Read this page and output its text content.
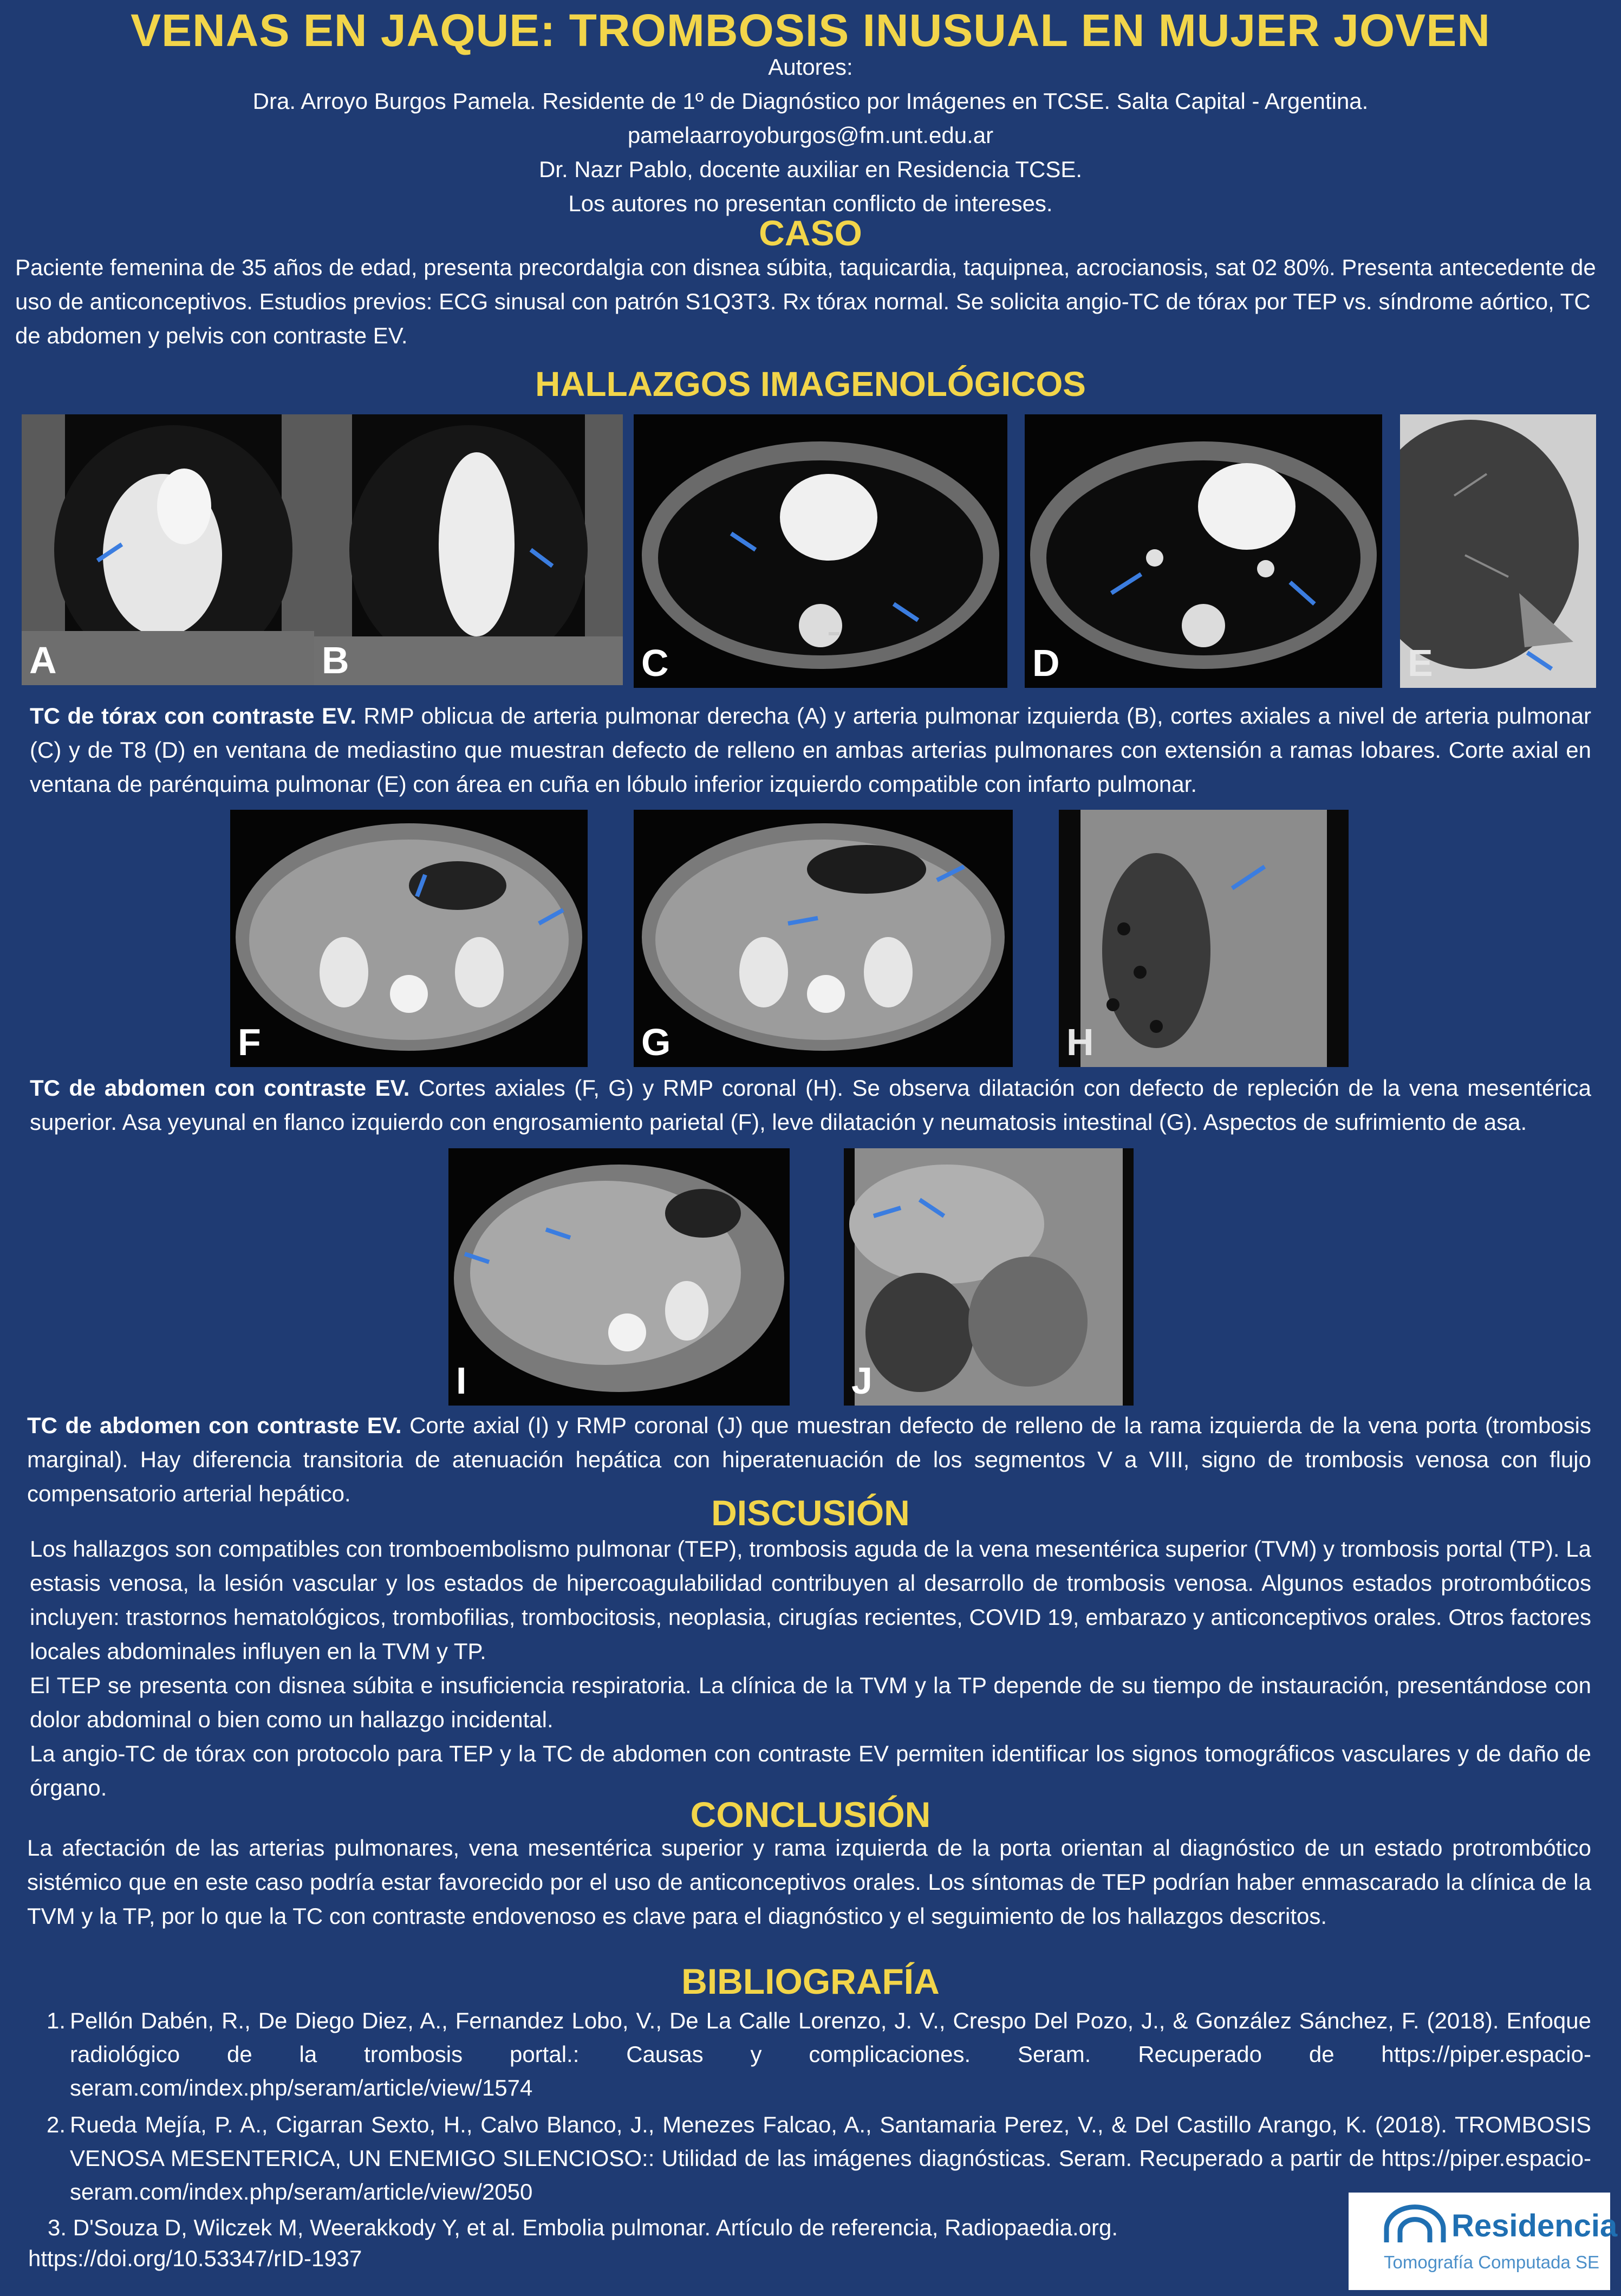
VENAS EN JAQUE: TROMBOSIS INUSUAL EN MUJER JOVEN
Autores:
Dra. Arroyo Burgos Pamela. Residente de 1º de Diagnóstico por Imágenes en TCSE. Salta Capital - Argentina.
pamelaarroyoburgos@fm.unt.edu.ar
Dr. Nazr Pablo, docente auxiliar en Residencia TCSE.
Los autores no presentan conflicto de intereses.
CASO
Paciente femenina de 35 años de edad, presenta precordalgia con disnea súbita, taquicardia, taquipnea, acrocianosis, sat 02 80%. Presenta antecedente de uso de anticonceptivos. Estudios previos: ECG sinusal con patrón S1Q3T3. Rx tórax normal. Se solicita angio-TC de tórax por TEP vs. síndrome aórtico, TC de abdomen y pelvis con contraste EV.
HALLAZGOS IMAGENOLÓGICOS
A	B	C	D	E
TC de tórax con contraste EV. RMP oblicua de arteria pulmonar derecha (A) y arteria pulmonar izquierda (B), cortes axiales a nivel de arteria pulmonar (C) y de T8 (D) en ventana de mediastino que muestran defecto de relleno en ambas arterias pulmonares con extensión a ramas lobares. Corte axial en ventana de parénquima pulmonar (E) con área en cuña en lóbulo inferior izquierdo compatible con infarto pulmonar.
F	G	H
TC de abdomen con contraste EV. Cortes axiales (F, G) y RMP coronal (H). Se observa dilatación con defecto de repleción de la vena mesentérica superior. Asa yeyunal en flanco izquierdo con engrosamiento parietal (F), leve dilatación y neumatosis intestinal (G). Aspectos de sufrimiento de asa.
I	J
TC de abdomen con contraste EV. Corte axial (I) y RMP coronal (J) que muestran defecto de relleno de la rama izquierda de la vena porta (trombosis marginal). Hay diferencia transitoria de atenuación hepática con hiperatenuación de los segmentos V a VIII, signo de trombosis venosa con flujo compensatorio arterial hepático.	DISCUSIÓN
Los hallazgos son compatibles con tromboembolismo pulmonar (TEP), trombosis aguda de la vena mesentérica superior (TVM) y trombosis portal (TP). La estasis venosa, la lesión vascular y los estados de hipercoagulabilidad contribuyen al desarrollo de trombosis venosa. Algunos estados protrombóticos incluyen: trastornos hematológicos, trombofilias, trombocitosis, neoplasia, cirugías recientes, COVID 19, embarazo y anticonceptivos orales. Otros factores locales abdominales influyen en la TVM y TP.
El TEP se presenta con disnea súbita e insuficiencia respiratoria. La clínica de la TVM y la TP depende de su tiempo de instauración, presentándose con dolor abdominal o bien como un hallazgo incidental.
La angio-TC de tórax con protocolo para TEP y la TC de abdomen con contraste EV permiten identificar los signos tomográficos vasculares y de daño de órgano.
CONCLUSIÓN
La afectación de las arterias pulmonares, vena mesentérica superior y rama izquierda de la porta orientan al diagnóstico de un estado protrombótico sistémico que en este caso podría estar favorecido por el uso de anticonceptivos orales. Los síntomas de TEP podrían haber enmascarado la clínica de la TVM y la TP, por lo que la TC con contraste endovenoso es clave para el diagnóstico y el seguimiento de los hallazgos descritos.
BIBLIOGRAFÍA
1. Pellón Dabén, R., De Diego Diez, A., Fernandez Lobo, V., De La Calle Lorenzo, J. V., Crespo Del Pozo, J., & González Sánchez, F. (2018). Enfoque radiológico de la trombosis portal.: Causas y complicaciones. Seram. Recuperado de https://piper.espacio-seram.com/index.php/seram/article/view/1574
2. Rueda Mejía, P. A., Cigarran Sexto, H., Calvo Blanco, J., Menezes Falcao, A., Santamaria Perez, V., & Del Castillo Arango, K. (2018). TROMBOSIS VENOSA MESENTERICA, UN ENEMIGO SILENCIOSO:: Utilidad de las imágenes diagnósticas. Seram. Recuperado a partir de https://piper.espacio-seram.com/index.php/seram/article/view/2050
3. D'Souza D, Wilczek M, Weerakkody Y, et al. Embolia pulmonar. Artículo de referencia, Radiopaedia.org.
https://doi.org/10.53347/rID-1937
Residencia
Tomografía Computada SE
